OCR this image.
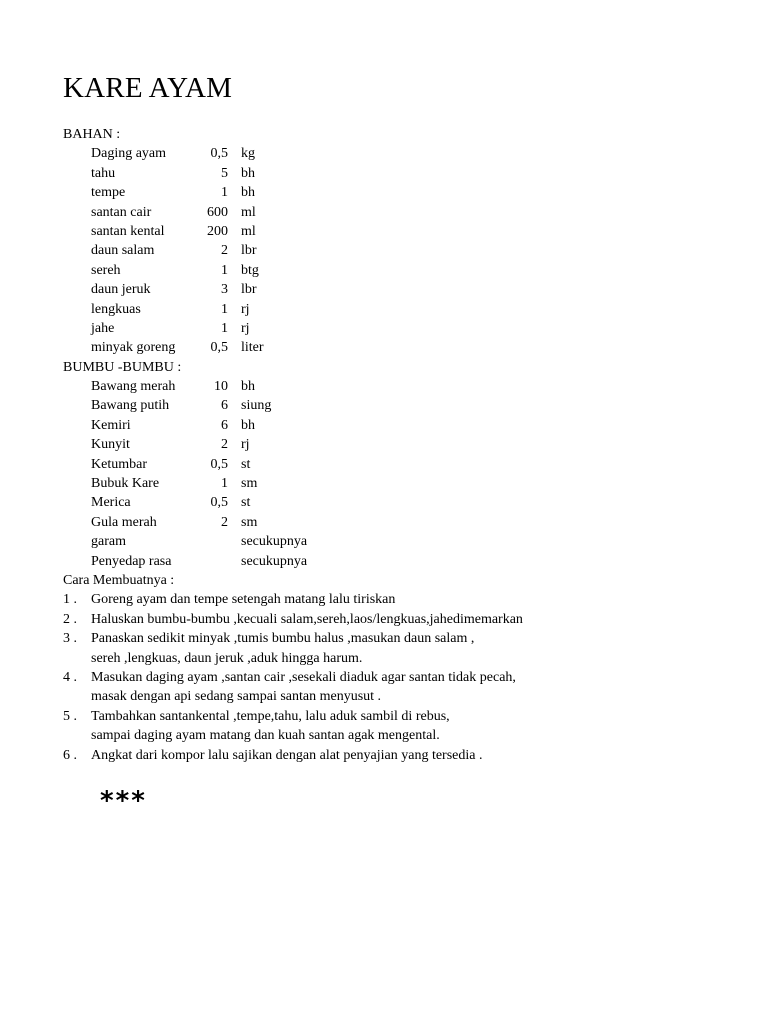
KARE AYAM
BAHAN :
Daging ayam	0,5 kg
tahu	5 bh
tempe	1 bh
santan cair	600 ml
santan kental	200 ml
daun salam	2 lbr
sereh	1 btg
daun jeruk	3 lbr
lengkuas	1 rj
jahe	1 rj
minyak goreng	0,5 liter
BUMBU -BUMBU :
Bawang merah	10 bh
Bawang putih	6 siung
Kemiri	6 bh
Kunyit	2 rj
Ketumbar	0,5 st
Bubuk Kare	1 sm
Merica	0,5 st
Gula merah	2 sm
garam	secukupnya
Penyedap rasa	secukupnya
Cara Membuatnya :
1 . Goreng ayam dan tempe setengah matang lalu tiriskan
2 . Haluskan bumbu-bumbu ,kecuali salam,sereh,laos/lengkuas,jahedimemarkan
3 . Panaskan sedikit minyak ,tumis bumbu halus ,masukan daun salam ,
sereh ,lengkuas, daun jeruk ,aduk hingga harum.
4 . Masukan daging ayam ,santan cair ,sesekali diaduk agar santan tidak pecah,
masak dengan api sedang sampai santan menyusut .
5 . Tambahkan santankental ,tempe,tahu, lalu aduk sambil di rebus,
sampai daging ayam matang dan kuah santan agak mengental.
6 . Angkat dari kompor lalu sajikan dengan alat penyajian yang tersedia .
***
